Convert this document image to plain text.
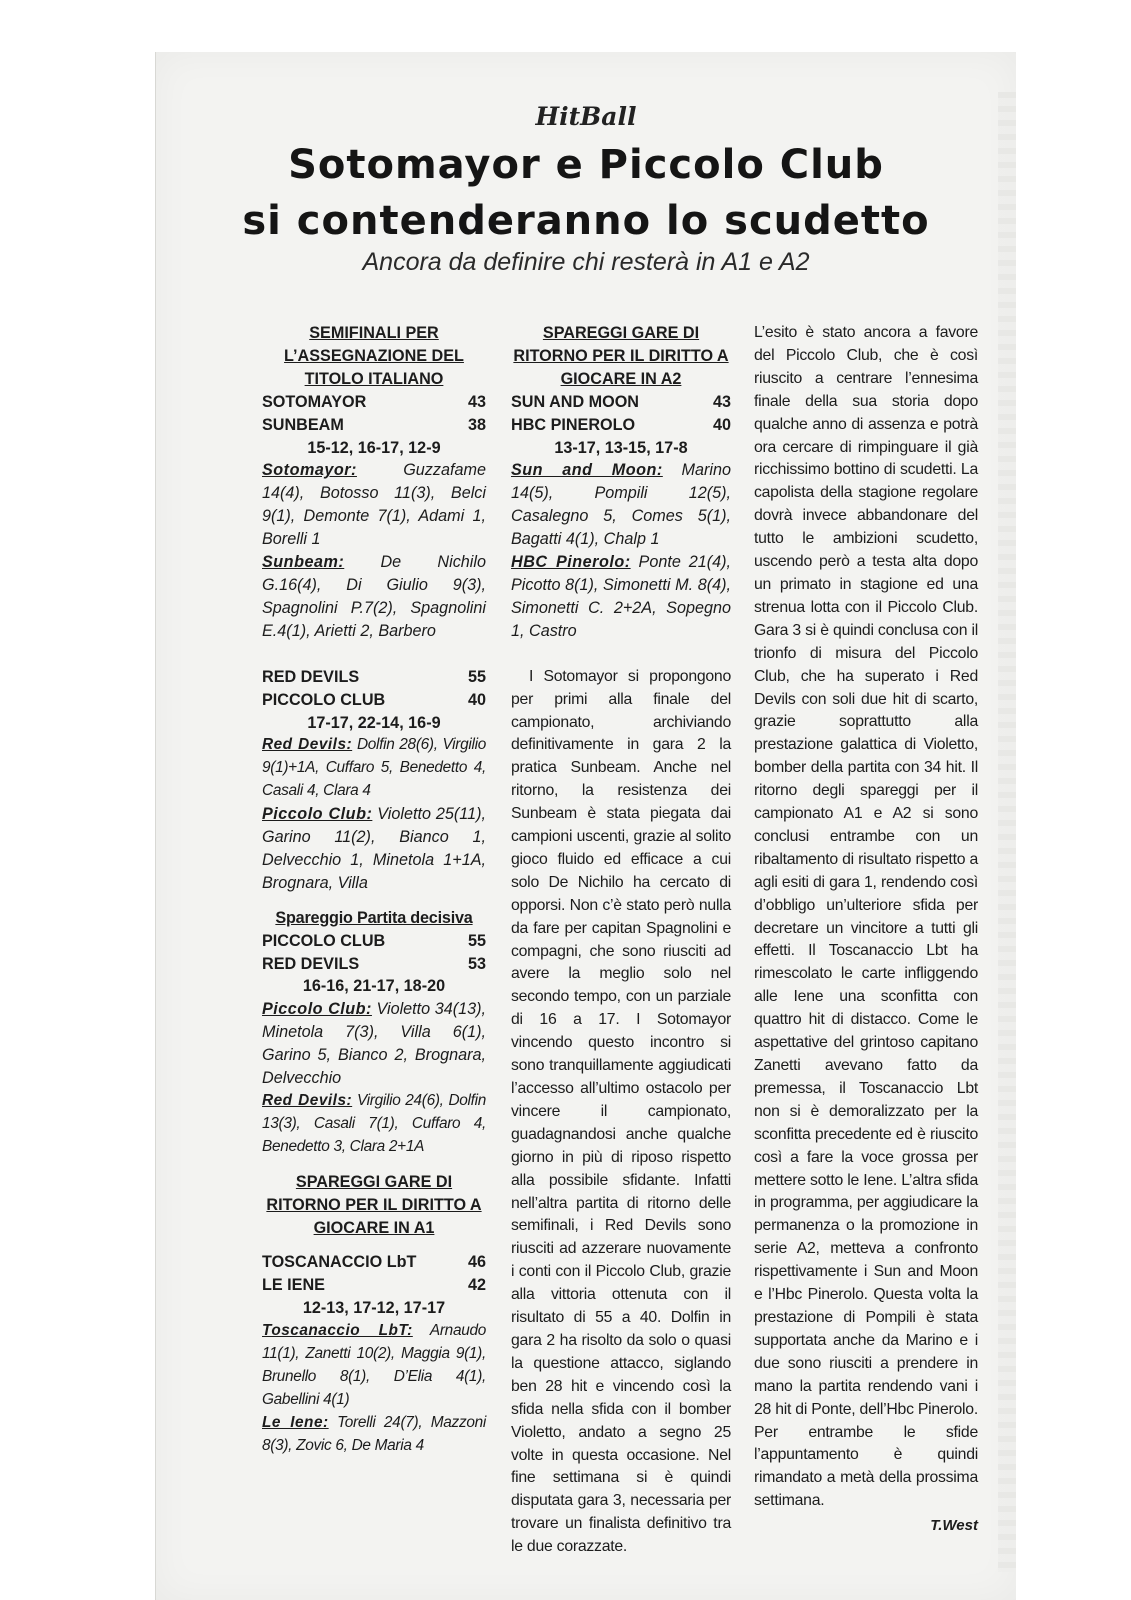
HitBall
Sotomayor e Piccolo Club
si contenderanno lo scudetto
Ancora da definire chi resterà in A1 e A2
SEMIFINALI PER L’ASSEGNAZIONE DEL TITOLO ITALIANO
SOTOMAYOR	43
SUNBEAM	38
15-12, 16-17, 12-9
Sotomayor: Guzzafame 14(4), Botosso 11(3), Belci 9(1), Demonte 7(1), Adami 1, Borelli 1
Sunbeam: De Nichilo G.16(4), Di Giulio 9(3), Spagnolini P.7(2), Spagnolini E.4(1), Arietti 2, Barbero
RED DEVILS	55
PICCOLO CLUB	40
17-17, 22-14, 16-9
Red Devils: Dolfin 28(6), Virgilio 9(1)+1A, Cuffaro 5, Benedetto 4, Casali 4, Clara 4
Piccolo Club: Violetto 25(11), Garino 11(2), Bianco 1, Delvecchio 1, Minetola 1+1A, Brognara, Villa
Spareggio Partita decisiva
PICCOLO CLUB	55
RED DEVILS	53
16-16, 21-17, 18-20
Piccolo Club: Violetto 34(13), Minetola 7(3), Villa 6(1), Garino 5, Bianco 2, Brognara, Delvecchio
Red Devils: Virgilio 24(6), Dolfin 13(3), Casali 7(1), Cuffaro 4, Benedetto 3, Clara 2+1A
SPAREGGI GARE DI RITORNO PER IL DIRITTO A GIOCARE IN A1
TOSCANACCIO LbT	46
LE IENE	42
12-13, 17-12, 17-17
Toscanaccio LbT: Arnaudo 11(1), Zanetti 10(2), Maggia 9(1), Brunello 8(1), D’Elia 4(1), Gabellini 4(1)
Le Iene: Torelli 24(7), Mazzoni 8(3), Zovic 6, De Maria 4
SPAREGGI GARE DI RITORNO PER IL DIRITTO A GIOCARE IN A2
SUN AND MOON	43
HBC PINEROLO	40
13-17, 13-15, 17-8
Sun and Moon: Marino 14(5), Pompili 12(5), Casalegno 5, Comes 5(1), Bagatti 4(1), Chalp 1
HBC Pinerolo: Ponte 21(4), Picotto 8(1), Simonetti M. 8(4), Simonetti C. 2+2A, Sopegno 1, Castro
I Sotomayor si propongono per primi alla finale del campionato, archiviando definitivamente in gara 2 la pratica Sunbeam. Anche nel ritorno, la resistenza dei Sunbeam è stata piegata dai campioni uscenti, grazie al solito gioco fluido ed efficace a cui solo De Nichilo ha cercato di opporsi. Non c’è stato però nulla da fare per capitan Spagnolini e compagni, che sono riusciti ad avere la meglio solo nel secondo tempo, con un parziale di 16 a 17. I Sotomayor vincendo questo incontro si sono tranquillamente aggiudicati l’accesso all’ultimo ostacolo per vincere il campionato, guadagnandosi anche qualche giorno in più di riposo rispetto alla possibile sfidante. Infatti nell’altra partita di ritorno delle semifinali, i Red Devils sono riusciti ad azzerare nuovamente i conti con il Piccolo Club, grazie alla vittoria ottenuta con il risultato di 55 a 40. Dolfin in gara 2 ha risolto da solo o quasi la questione attacco, siglando ben 28 hit e vincendo così la sfida nella sfida con il bomber Violetto, andato a segno 25 volte in questa occasione. Nel fine settimana si è quindi disputata gara 3, necessaria per trovare un finalista definitivo tra le due corazzate.
L’esito è stato ancora a favore del Piccolo Club, che è così riuscito a centrare l’ennesima finale della sua storia dopo qualche anno di assenza e potrà ora cercare di rimpinguare il già ricchissimo bottino di scudetti. La capolista della stagione regolare dovrà invece abbandonare del tutto le ambizioni scudetto, uscendo però a testa alta dopo un primato in stagione ed una strenua lotta con il Piccolo Club. Gara 3 si è quindi conclusa con il trionfo di misura del Piccolo Club, che ha superato i Red Devils con soli due hit di scarto, grazie soprattutto alla prestazione galattica di Violetto, bomber della partita con 34 hit. Il ritorno degli spareggi per il campionato A1 e A2 si sono conclusi entrambe con un ribaltamento di risultato rispetto a agli esiti di gara 1, rendendo così d’obbligo un’ulteriore sfida per decretare un vincitore a tutti gli effetti. Il Toscanaccio Lbt ha rimescolato le carte infliggendo alle Iene una sconfitta con quattro hit di distacco. Come le aspettative del grintoso capitano Zanetti avevano fatto da premessa, il Toscanaccio Lbt non si è demoralizzato per la sconfitta precedente ed è riuscito così a fare la voce grossa per mettere sotto le Iene. L’altra sfida in programma, per aggiudicare la permanenza o la promozione in serie A2, metteva a confronto rispettivamente i Sun and Moon e l’Hbc Pinerolo. Questa volta la prestazione di Pompili è stata supportata anche da Marino e i due sono riusciti a prendere in mano la partita rendendo vani i 28 hit di Ponte, dell’Hbc Pinerolo. Per entrambe le sfide l’appuntamento è quindi rimandato a metà della prossima settimana.
T.West
